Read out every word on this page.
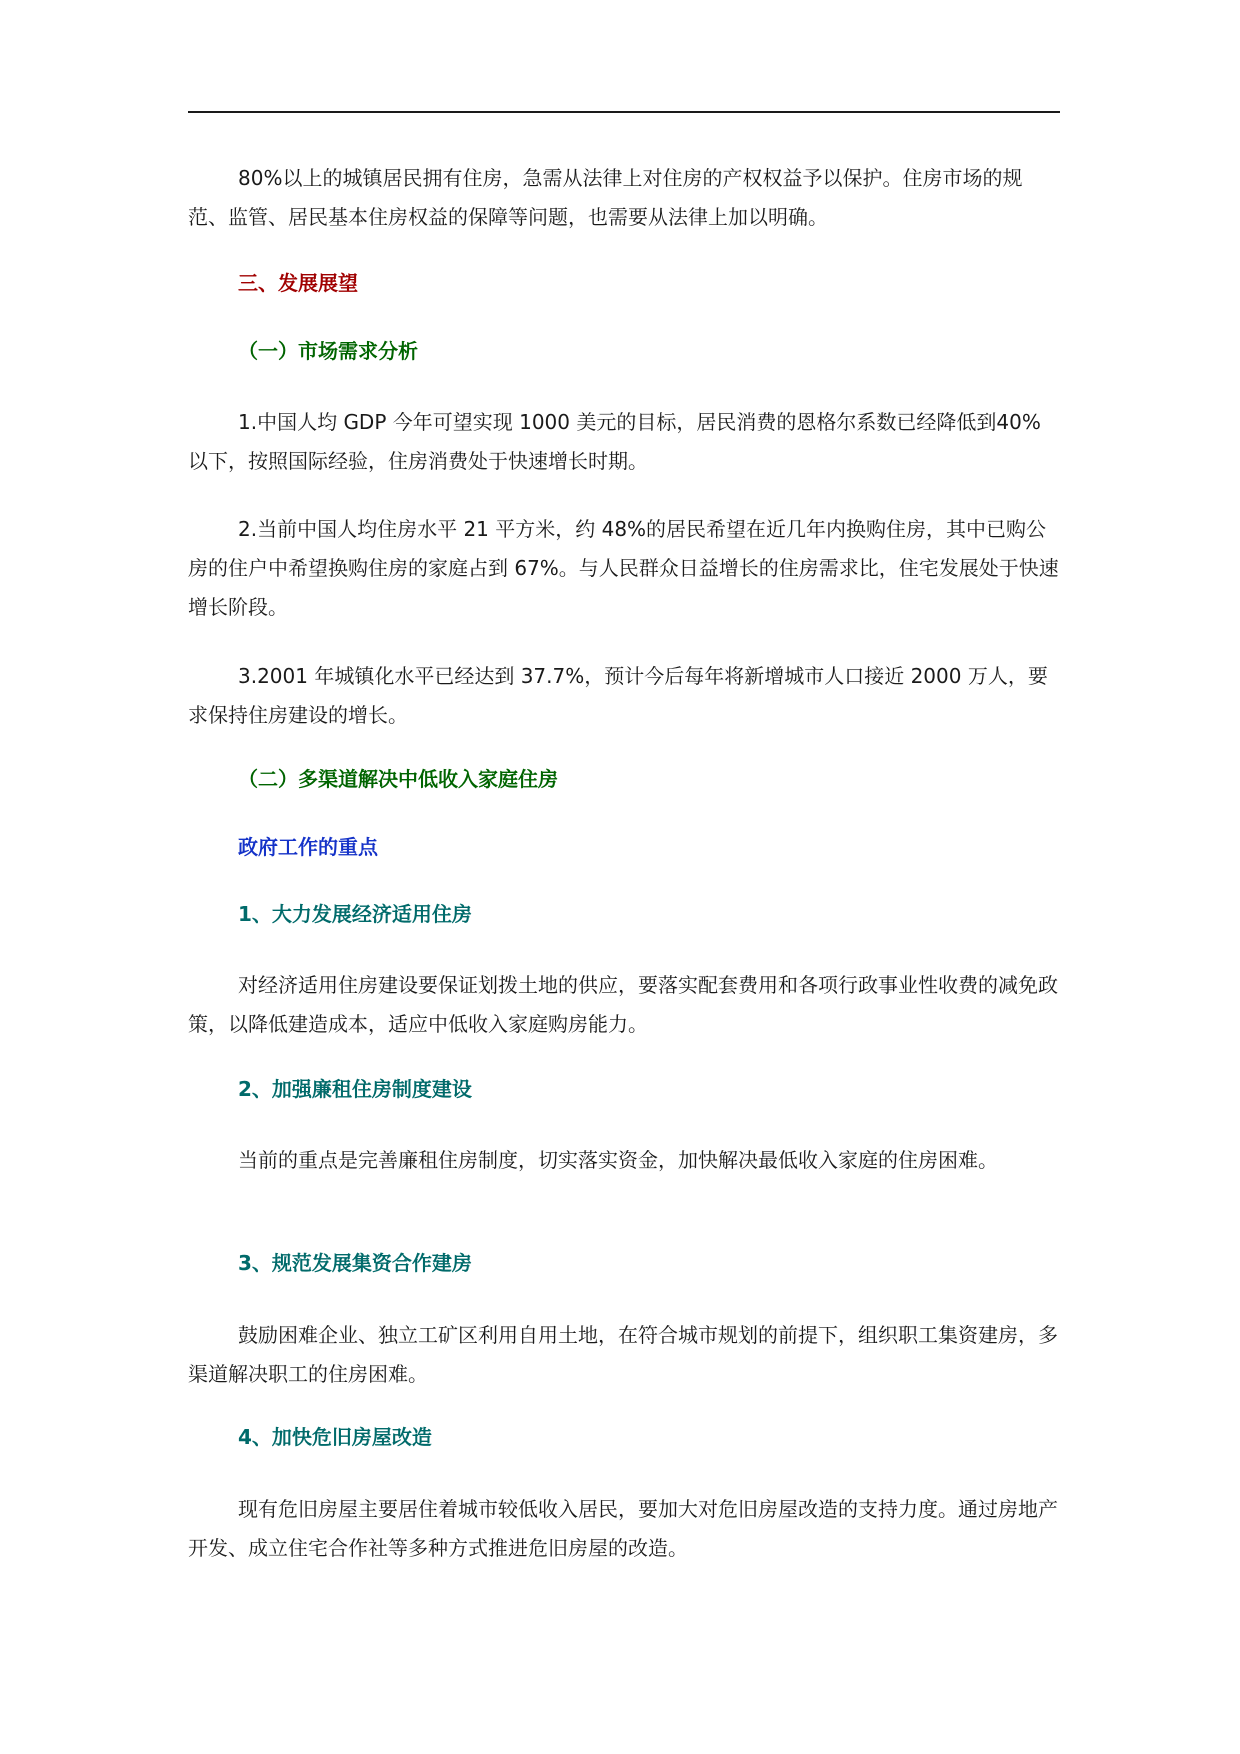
80%以上的城镇居民拥有住房，急需从法律上对住房的产权权益予以保护。住房市场的规范、监管、居民基本住房权益的保障等问题，也需要从法律上加以明确。

三、发展展望
（一）市场需求分析

1.中国人均 GDP 今年可望实现 1000 美元的目标，居民消费的恩格尔系数已经降低到40%以下，按照国际经验，住房消费处于快速增长时期。

2.当前中国人均住房水平 21 平方米，约 48%的居民希望在近几年内换购住房，其中已购公房的住户中希望换购住房的家庭占到 67%。与人民群众日益增长的住房需求比，住宅发展处于快速增长阶段。

3.2001 年城镇化水平已经达到 37.7%，预计今后每年将新增城市人口接近 2000 万人，要求保持住房建设的增长。

（二）多渠道解决中低收入家庭住房
政府工作的重点
1、大力发展经济适用住房

对经济适用住房建设要保证划拨土地的供应，要落实配套费用和各项行政事业性收费的减免政策，以降低建造成本，适应中低收入家庭购房能力。

2、加强廉租住房制度建设

当前的重点是完善廉租住房制度，切实落实资金，加快解决最低收入家庭的住房困难。

3、规范发展集资合作建房

鼓励困难企业、独立工矿区利用自用土地，在符合城市规划的前提下，组织职工集资建房，多渠道解决职工的住房困难。

4、加快危旧房屋改造

现有危旧房屋主要居住着城市较低收入居民，要加大对危旧房屋改造的支持力度。通过房地产开发、成立住宅合作社等多种方式推进危旧房屋的改造。
